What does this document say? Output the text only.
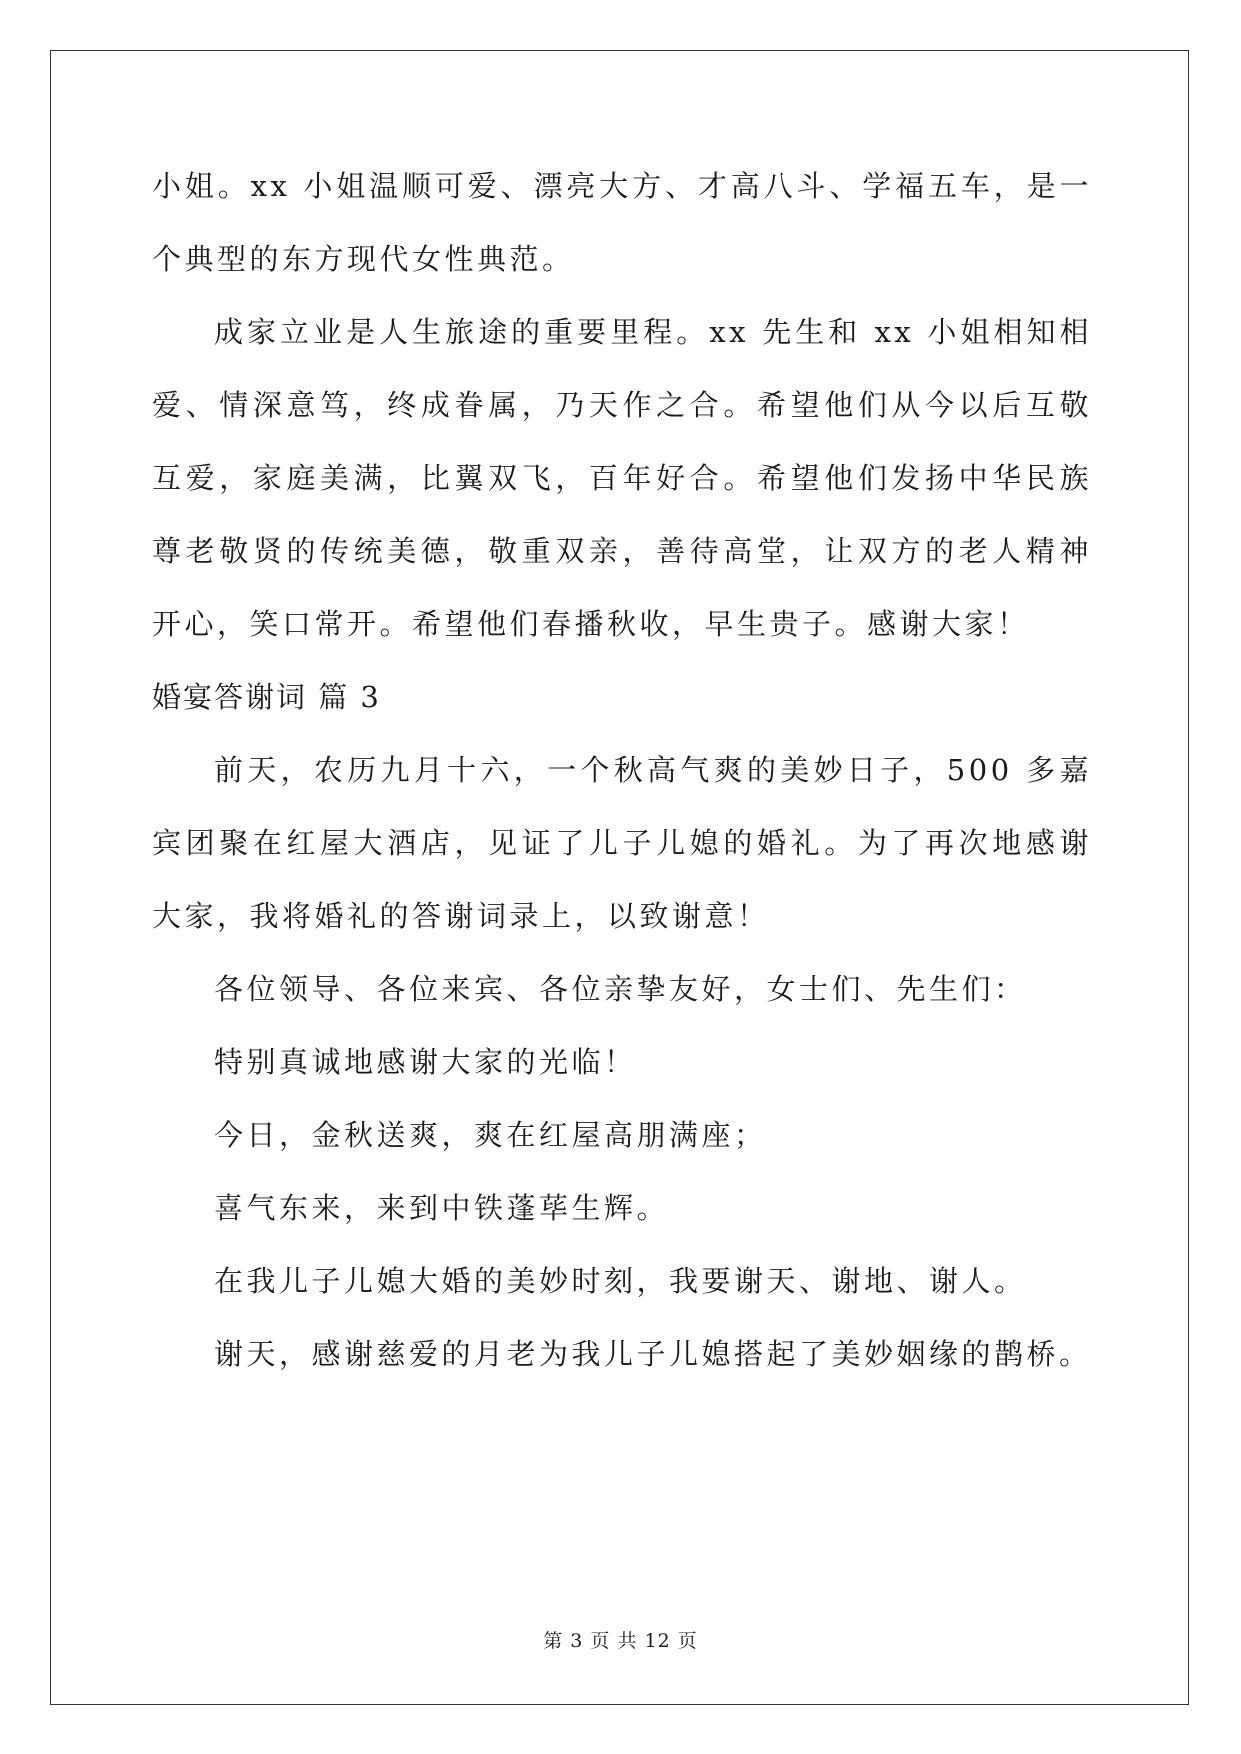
小姐。xx 小姐温顺可爱、漂亮大方、才高八斗、学福五车，是一个典型的东方现代女性典范。

成家立业是人生旅途的重要里程。xx 先生和 xx 小姐相知相爱、情深意笃，终成眷属，乃天作之合。希望他们从今以后互敬互爱，家庭美满，比翼双飞，百年好合。希望他们发扬中华民族尊老敬贤的传统美德，敬重双亲，善待高堂，让双方的老人精神开心，笑口常开。希望他们春播秋收，早生贵子。感谢大家！

婚宴答谢词 篇 3

前天，农历九月十六，一个秋高气爽的美妙日子，500 多嘉宾团聚在红屋大酒店，见证了儿子儿媳的婚礼。为了再次地感谢大家，我将婚礼的答谢词录上，以致谢意！

各位领导、各位来宾、各位亲挚友好，女士们、先生们：

特别真诚地感谢大家的光临！

今日，金秋送爽，爽在红屋高朋满座；

喜气东来，来到中铁蓬荜生辉。

在我儿子儿媳大婚的美妙时刻，我要谢天、谢地、谢人。

谢天，感谢慈爱的月老为我儿子儿媳搭起了美妙姻缘的鹊桥。

第 3 页 共 12 页
